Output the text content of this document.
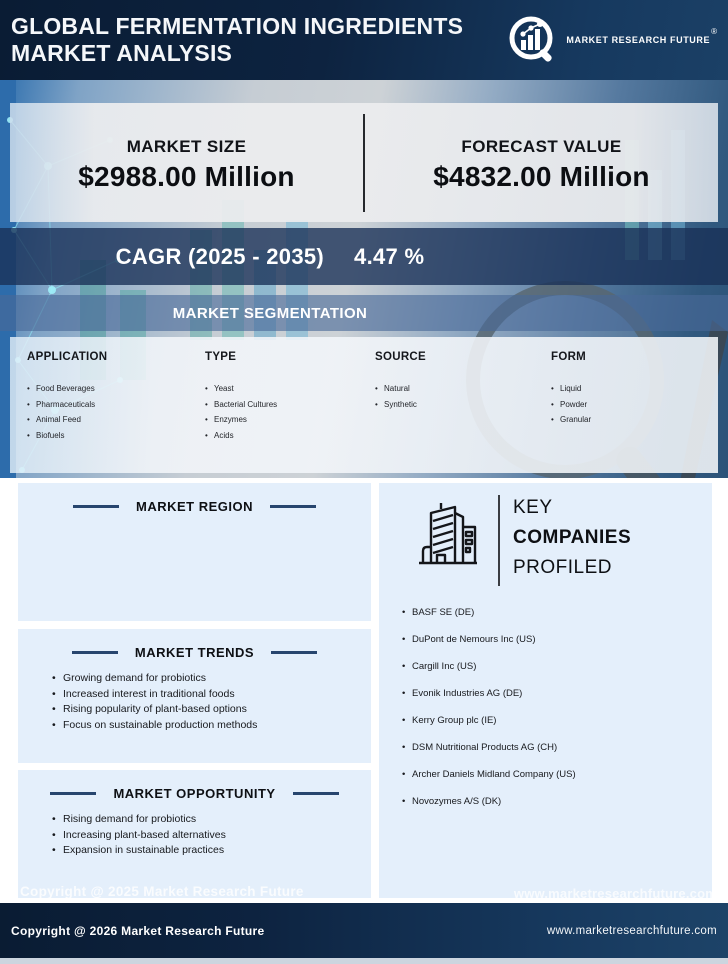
GLOBAL FERMENTATION INGREDIENTS
MARKET ANALYSIS	MARKET RESEARCH FUTURE
®
MARKET SIZE
$2988.00 Million
FORECAST VALUE
$4832.00 Million
CAGR (2025 - 2035) 4.47 %
MARKET SEGMENTATION
APPLICATION
• Food Beverages
• Pharmaceuticals
• Animal Feed
• Biofuels
TYPE
• Yeast
• Bacterial Cultures
• Enzymes
• Acids
SOURCE
• Natural
• Synthetic
FORM
• Liquid
• Powder
• Granular
MARKET REGION
MARKET TRENDS
• Growing demand for probiotics
• Increased interest in traditional foods
• Rising popularity of plant-based options
• Focus on sustainable production methods
MARKET OPPORTUNITY
• Rising demand for probiotics
• Increasing plant-based alternatives
• Expansion in sustainable practices
KEY
COMPANIES
PROFILED
• BASF SE (DE)
• DuPont de Nemours Inc (US)
• Cargill Inc (US)
• Evonik Industries AG (DE)
• Kerry Group plc (IE)
• DSM Nutritional Products AG (CH)
• Archer Daniels Midland Company (US)
• Novozymes A/S (DK)
Copyright @ 2025 Market Research Future	www.marketresearchfuture.com
Copyright @ 2026 Market Research Future	www.marketresearchfuture.com
